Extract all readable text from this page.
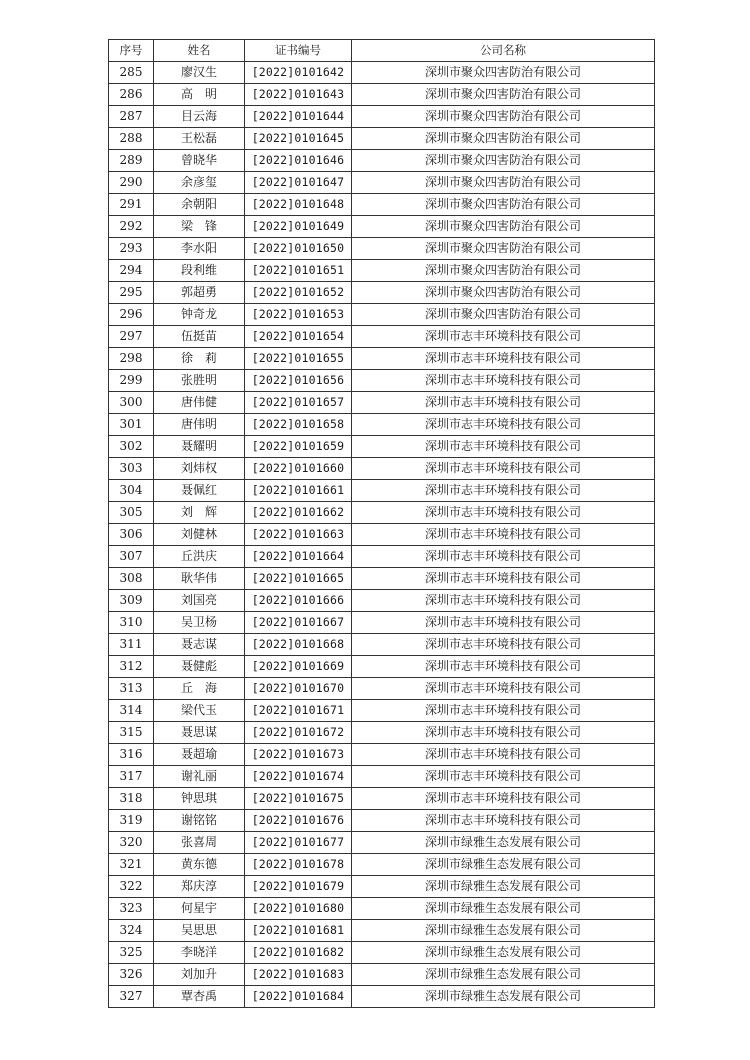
序号	姓名	证书编号	公司名称
285	廖汉生	[2022]0101642	深圳市聚众四害防治有限公司
286	高　明	[2022]0101643	深圳市聚众四害防治有限公司
287	目云海	[2022]0101644	深圳市聚众四害防治有限公司
288	王松磊	[2022]0101645	深圳市聚众四害防治有限公司
289	曾晓华	[2022]0101646	深圳市聚众四害防治有限公司
290	余彦玺	[2022]0101647	深圳市聚众四害防治有限公司
291	余朝阳	[2022]0101648	深圳市聚众四害防治有限公司
292	梁　锋	[2022]0101649	深圳市聚众四害防治有限公司
293	李水阳	[2022]0101650	深圳市聚众四害防治有限公司
294	段利维	[2022]0101651	深圳市聚众四害防治有限公司
295	郭超勇	[2022]0101652	深圳市聚众四害防治有限公司
296	钟奇龙	[2022]0101653	深圳市聚众四害防治有限公司
297	伍挺苗	[2022]0101654	深圳市志丰环境科技有限公司
298	徐　莉	[2022]0101655	深圳市志丰环境科技有限公司
299	张胜明	[2022]0101656	深圳市志丰环境科技有限公司
300	唐伟健	[2022]0101657	深圳市志丰环境科技有限公司
301	唐伟明	[2022]0101658	深圳市志丰环境科技有限公司
302	聂耀明	[2022]0101659	深圳市志丰环境科技有限公司
303	刘炜权	[2022]0101660	深圳市志丰环境科技有限公司
304	聂佩红	[2022]0101661	深圳市志丰环境科技有限公司
305	刘　辉	[2022]0101662	深圳市志丰环境科技有限公司
306	刘健林	[2022]0101663	深圳市志丰环境科技有限公司
307	丘洪庆	[2022]0101664	深圳市志丰环境科技有限公司
308	耿华伟	[2022]0101665	深圳市志丰环境科技有限公司
309	刘国亮	[2022]0101666	深圳市志丰环境科技有限公司
310	吴卫杨	[2022]0101667	深圳市志丰环境科技有限公司
311	聂志谋	[2022]0101668	深圳市志丰环境科技有限公司
312	聂健彪	[2022]0101669	深圳市志丰环境科技有限公司
313	丘　海	[2022]0101670	深圳市志丰环境科技有限公司
314	梁代玉	[2022]0101671	深圳市志丰环境科技有限公司
315	聂思谋	[2022]0101672	深圳市志丰环境科技有限公司
316	聂超瑜	[2022]0101673	深圳市志丰环境科技有限公司
317	谢礼丽	[2022]0101674	深圳市志丰环境科技有限公司
318	钟思琪	[2022]0101675	深圳市志丰环境科技有限公司
319	谢铭铭	[2022]0101676	深圳市志丰环境科技有限公司
320	张喜周	[2022]0101677	深圳市绿雅生态发展有限公司
321	黄东德	[2022]0101678	深圳市绿雅生态发展有限公司
322	郑庆淳	[2022]0101679	深圳市绿雅生态发展有限公司
323	何星宇	[2022]0101680	深圳市绿雅生态发展有限公司
324	吴思思	[2022]0101681	深圳市绿雅生态发展有限公司
325	李晓洋	[2022]0101682	深圳市绿雅生态发展有限公司
326	刘加升	[2022]0101683	深圳市绿雅生态发展有限公司
327	覃杏禹	[2022]0101684	深圳市绿雅生态发展有限公司
